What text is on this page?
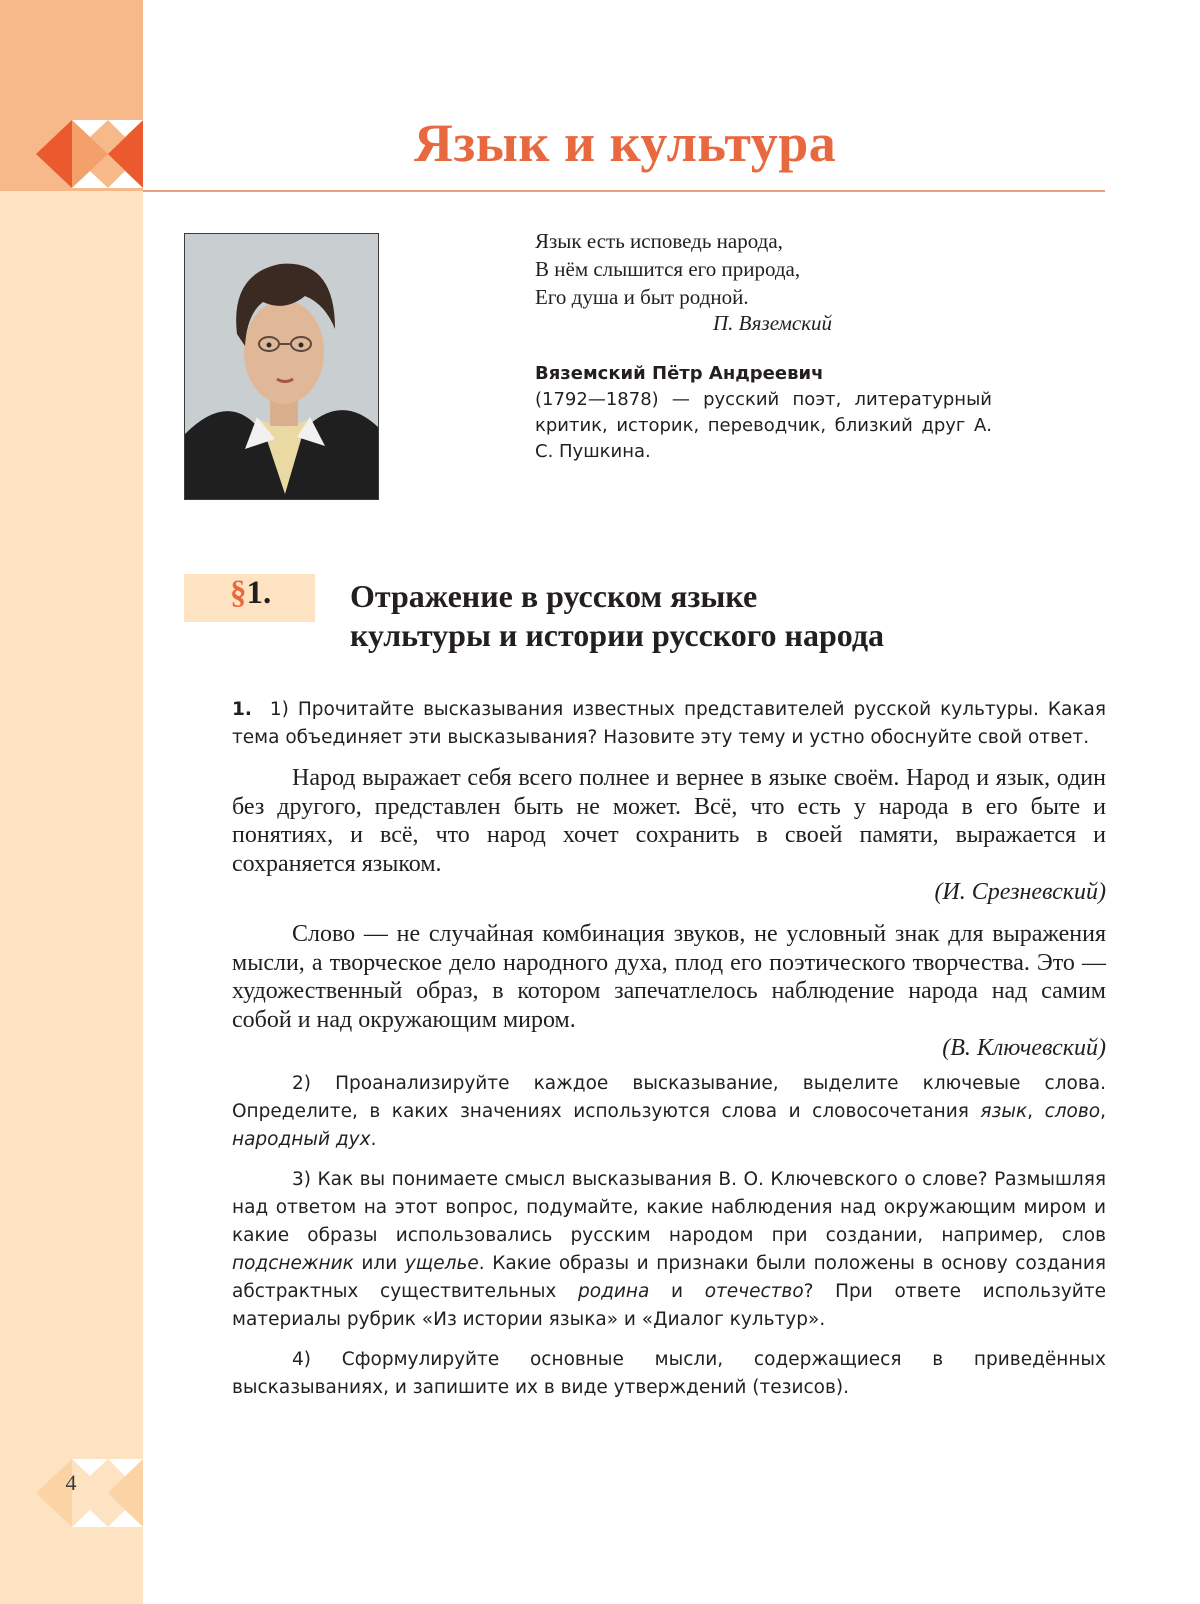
Язык и культура
Язык есть исповедь народа,
В нём слышится его природа,
Его душа и быт родной.
П. Вяземский
Вяземский Пётр Андреевич
(1792—1878) — русский поэт, литературный критик, историк, переводчик, близкий друг А. С. Пушкина.
§1. Отражение в русском языке
культуры и истории русского народа

1. 1) Прочитайте высказывания известных представителей русской культуры. Какая тема объединяет эти высказывания? Назовите эту тему и устно обоснуйте свой ответ.

Народ выражает себя всего полнее и вернее в языке своём. Народ и язык, один без другого, представлен быть не может. Всё, что есть у народа в его быте и понятиях, и всё, что народ хочет сохранить в своей памяти, выражается и сохраняется языком.

(И. Срезневский)

Слово — не случайная комбинация звуков, не условный знак для выражения мысли, а творческое дело народного духа, плод его поэтического творчества. Это — художественный образ, в котором запечатлелось наблюдение народа над самим собой и над окружающим миром.

(В. Ключевский)

2) Проанализируйте каждое высказывание, выделите ключевые слова. Определите, в каких значениях используются слова и словосочетания язык, слово, народный дух.

3) Как вы понимаете смысл высказывания В. О. Ключевского о слове? Размышляя над ответом на этот вопрос, подумайте, какие наблюдения над окружающим миром и какие образы использовались русским народом при создании, например, слов подснежник или ущелье. Какие образы и признаки были положены в основу создания абстрактных существительных родина и отечество? При ответе используйте материалы рубрик «Из истории языка» и «Диалог культур».

4) Сформулируйте основные мысли, содержащиеся в приведённых высказываниях, и запишите их в виде утверждений (тезисов).

4
